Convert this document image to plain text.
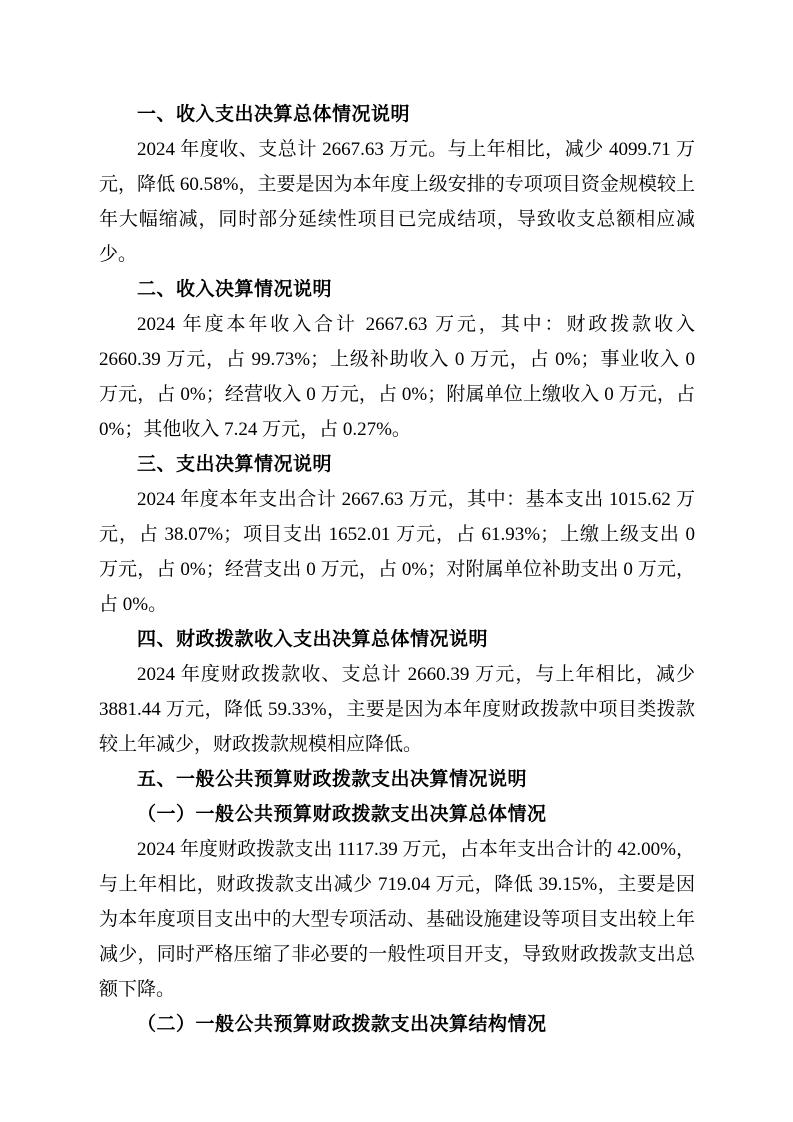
一、收入支出决算总体情况说明

2024 年度收、支总计 2667.63 万元。与上年相比，减少 4099.71 万元，降低 60.58%，主要是因为本年度上级安排的专项项目资金规模较上年大幅缩减，同时部分延续性项目已完成结项，导致收支总额相应减少。

二、收入决算情况说明

2024 年度本年收入合计 2667.63 万元，其中：财政拨款收入 2660.39 万元，占 99.73%；上级补助收入 0 万元，占 0%；事业收入 0 万元，占 0%；经营收入 0 万元，占 0%；附属单位上缴收入 0 万元，占 0%；其他收入 7.24 万元，占 0.27%。

三、支出决算情况说明

2024 年度本年支出合计 2667.63 万元，其中：基本支出 1015.62 万元，占 38.07%；项目支出 1652.01 万元，占 61.93%；上缴上级支出 0 万元，占 0%；经营支出 0 万元，占 0%；对附属单位补助支出 0 万元，占 0%。

四、财政拨款收入支出决算总体情况说明

2024 年度财政拨款收、支总计 2660.39 万元，与上年相比，减少 3881.44 万元，降低 59.33%，主要是因为本年度财政拨款中项目类拨款较上年减少，财政拨款规模相应降低。

五、一般公共预算财政拨款支出决算情况说明
（一）一般公共预算财政拨款支出决算总体情况

2024 年度财政拨款支出 1117.39 万元，占本年支出合计的 42.00%，与上年相比，财政拨款支出减少 719.04 万元，降低 39.15%，主要是因为本年度项目支出中的大型专项活动、基础设施建设等项目支出较上年减少，同时严格压缩了非必要的一般性项目开支，导致财政拨款支出总额下降。

（二）一般公共预算财政拨款支出决算结构情况
